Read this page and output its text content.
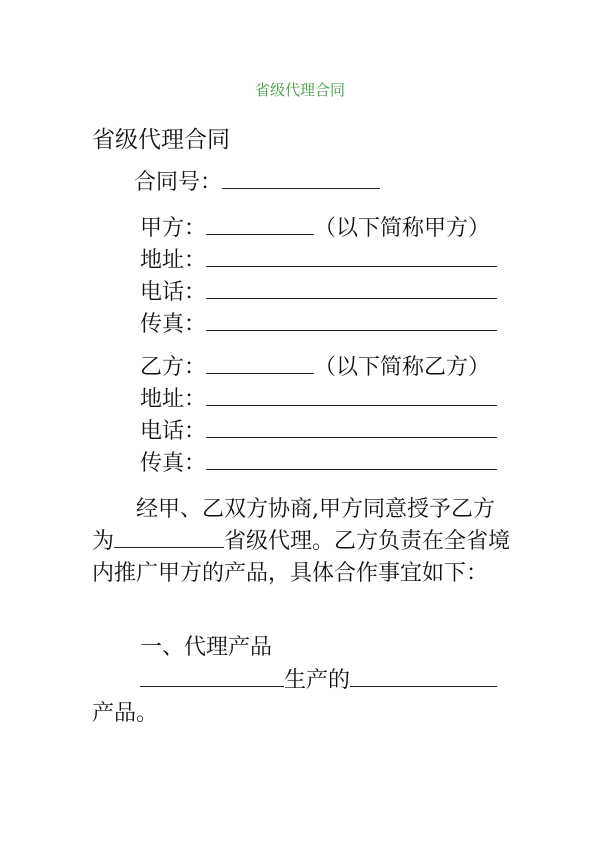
省级代理合同
省级代理合同
合同号：
甲方：	（以下简称甲方）
地址：
电话：
传真：
乙方：	（以下简称乙方）
地址：
电话：
传真：
经甲、乙双方协商,甲方同意授予乙方为	省级代理。乙方负责在全省境内推广甲方的产品，具体合作事宜如下：
一、代理产品
生产的
产品。
